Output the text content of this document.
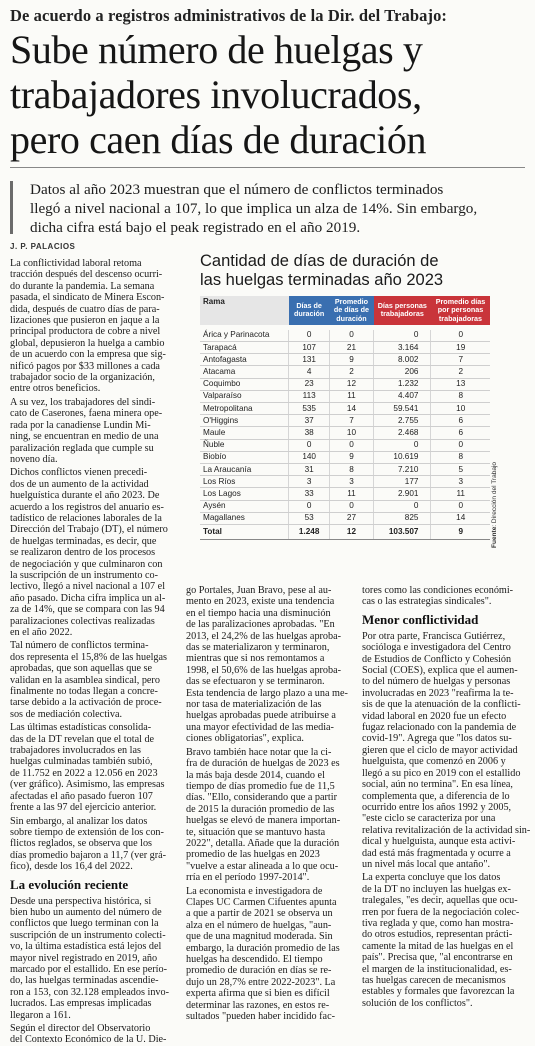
De acuerdo a registros administrativos de la Dir. del Trabajo:
Sube número de huelgas y
trabajadores involucrados,
pero caen días de duración
Datos al año 2023 muestran que el número de conflictos terminados
llegó a nivel nacional a 107, lo que implica un alza de 14%. Sin embargo,
dicha cifra está bajo el peak registrado en el año 2019.
J. P. PALACIOS
La conflictividad laboral retoma
tracción después del descenso ocurri-
do durante la pandemia. La semana
pasada, el sindicato de Minera Escon-
dida, después de cuatro días de para-
lizaciones que pusieron en jaque a la
principal productora de cobre a nivel
global, depusieron la huelga a cambio
de un acuerdo con la empresa que sig-
nificó pagos por $33 millones a cada
trabajador socio de la organización,
entre otros beneficios.
A su vez, los trabajadores del sindi-
cato de Caserones, faena minera ope-
rada por la canadiense Lundin Mi-
ning, se encuentran en medio de una
paralización reglada que cumple su
noveno día.
Dichos conflictos vienen precedi-
dos de un aumento de la actividad
huelguística durante el año 2023. De
acuerdo a los registros del anuario es-
tadístico de relaciones laborales de la
Dirección del Trabajo (DT), el número
de huelgas terminadas, es decir, que
se realizaron dentro de los procesos
de negociación y que culminaron con
la suscripción de un instrumento co-
lectivo, llegó a nivel nacional a 107 el
año pasado. Dicha cifra implica un al-
za de 14%, que se compara con las 94
paralizaciones colectivas realizadas
en el año 2022.
Tal número de conflictos termina-
dos representa el 15,8% de las huelgas
aprobadas, que son aquellas que se
validan en la asamblea sindical, pero
finalmente no todas llegan a concre-
tarse debido a la activación de proce-
sos de mediación colectiva.
Las últimas estadísticas consolida-
das de la DT revelan que el total de
trabajadores involucrados en las
huelgas culminadas también subió,
de 11.752 en 2022 a 12.056 en 2023
(ver gráfico). Asimismo, las empresas
afectadas el año pasado fueron 107
frente a las 97 del ejercicio anterior.
Sin embargo, al analizar los datos
sobre tiempo de extensión de los con-
flictos reglados, se observa que los
días promedio bajaron a 11,7 (ver grá-
fico), desde los 16,4 del 2022.
La evolución reciente
Desde una perspectiva histórica, si
bien hubo un aumento del número de
conflictos que luego terminan con la
suscripción de un instrumento colecti-
vo, la última estadística está lejos del
mayor nivel registrado en 2019, año
marcado por el estallido. En ese perío-
do, las huelgas terminadas ascendie-
ron a 153, con 32.128 empleados invo-
lucrados. Las empresas implicadas
llegaron a 161.
Según el director del Observatorio
del Contexto Económico de la U. Die-
Cantidad de días de duración de
las huelgas terminadas año 2023
Rama	Días de duración	Promedio de días de duración	Días personas trabajadoras	Promedio días por personas trabajadoras

Árica y Parinacota	0	0	0	0
Tarapacá	107	21	3.164	19
Antofagasta	131	9	8.002	7
Atacama	4	2	206	2
Coquimbo	23	12	1.232	13
Valparaíso	113	11	4.407	8
Metropolitana	535	14	59.541	10
O'Higgins	37	7	2.755	6
Maule	38	10	2.468	6
Ñuble	0	0	0	0
Biobío	140	9	10.619	8
La Araucanía	31	8	7.210	5
Los Ríos	3	3	177	3
Los Lagos	33	11	2.901	11
Aysén	0	0	0	0
Magallanes	53	27	825	14
Total	1.248	12	103.507	9	Fuente: Dirección del Trabajo
go Portales, Juan Bravo, pese al au-
mento en 2023, existe una tendencia
en el tiempo hacia una disminución
de las paralizaciones aprobadas. "En
2013, el 24,2% de las huelgas aproba-
das se materializaron y terminaron,
mientras que si nos remontamos a
1998, el 50,6% de las huelgas aproba-
das se efectuaron y se terminaron.
Esta tendencia de largo plazo a una me-
nor tasa de materialización de las
huelgas aprobadas puede atribuirse a
una mayor efectividad de las media-
ciones obligatorias", explica.
Bravo también hace notar que la ci-
fra de duración de huelgas de 2023 es
la más baja desde 2014, cuando el
tiempo de días promedio fue de 11,5
días. "Ello, considerando que a partir
de 2015 la duración promedio de las
huelgas se elevó de manera importan-
te, situación que se mantuvo hasta
2022", detalla. Añade que la duración
promedio de las huelgas en 2023
"vuelve a estar alineada a lo que ocu-
rría en el período 1997-2014".
La economista e investigadora de
Clapes UC Carmen Cifuentes apunta
a que a partir de 2021 se observa un
alza en el número de huelgas, "aun-
que de una magnitud moderada. Sin
embargo, la duración promedio de las
huelgas ha descendido. El tiempo
promedio de duración en días se re-
dujo un 28,7% entre 2022-2023". La
experta afirma que si bien es difícil
determinar las razones, en estos re-
sultados "pueden haber incidido fac-
tores como las condiciones económi-
cas o las estrategias sindicales".
Menor conflictividad
Por otra parte, Francisca Gutiérrez,
socióloga e investigadora del Centro
de Estudios de Conflicto y Cohesión
Social (COES), explica que el aumen-
to del número de huelgas y personas
involucradas en 2023 "reafirma la te-
sis de que la atenuación de la conflicti-
vidad laboral en 2020 fue un efecto
fugaz relacionado con la pandemia de
covid-19". Agrega que "los datos su-
gieren que el ciclo de mayor actividad
huelguista, que comenzó en 2006 y
llegó a su pico en 2019 con el estallido
social, aún no termina". En esa línea,
complementa que, a diferencia de lo
ocurrido entre los años 1992 y 2005,
"este ciclo se caracteriza por una
relativa revitalización de la actividad sin-
dical y huelguista, aunque esta activi-
dad está más fragmentada y ocurre a
un nivel más local que antaño".
La experta concluye que los datos
de la DT no incluyen las huelgas ex-
tralegales, "es decir, aquellas que ocu-
rren por fuera de la negociación colec-
tiva reglada y que, como han mostra-
do otros estudios, representan prácti-
camente la mitad de las huelgas en el
país". Precisa que, "al encontrarse en
el margen de la institucionalidad, es-
tas huelgas carecen de mecanismos
estables y formales que favorezcan la
solución de los conflictos".
